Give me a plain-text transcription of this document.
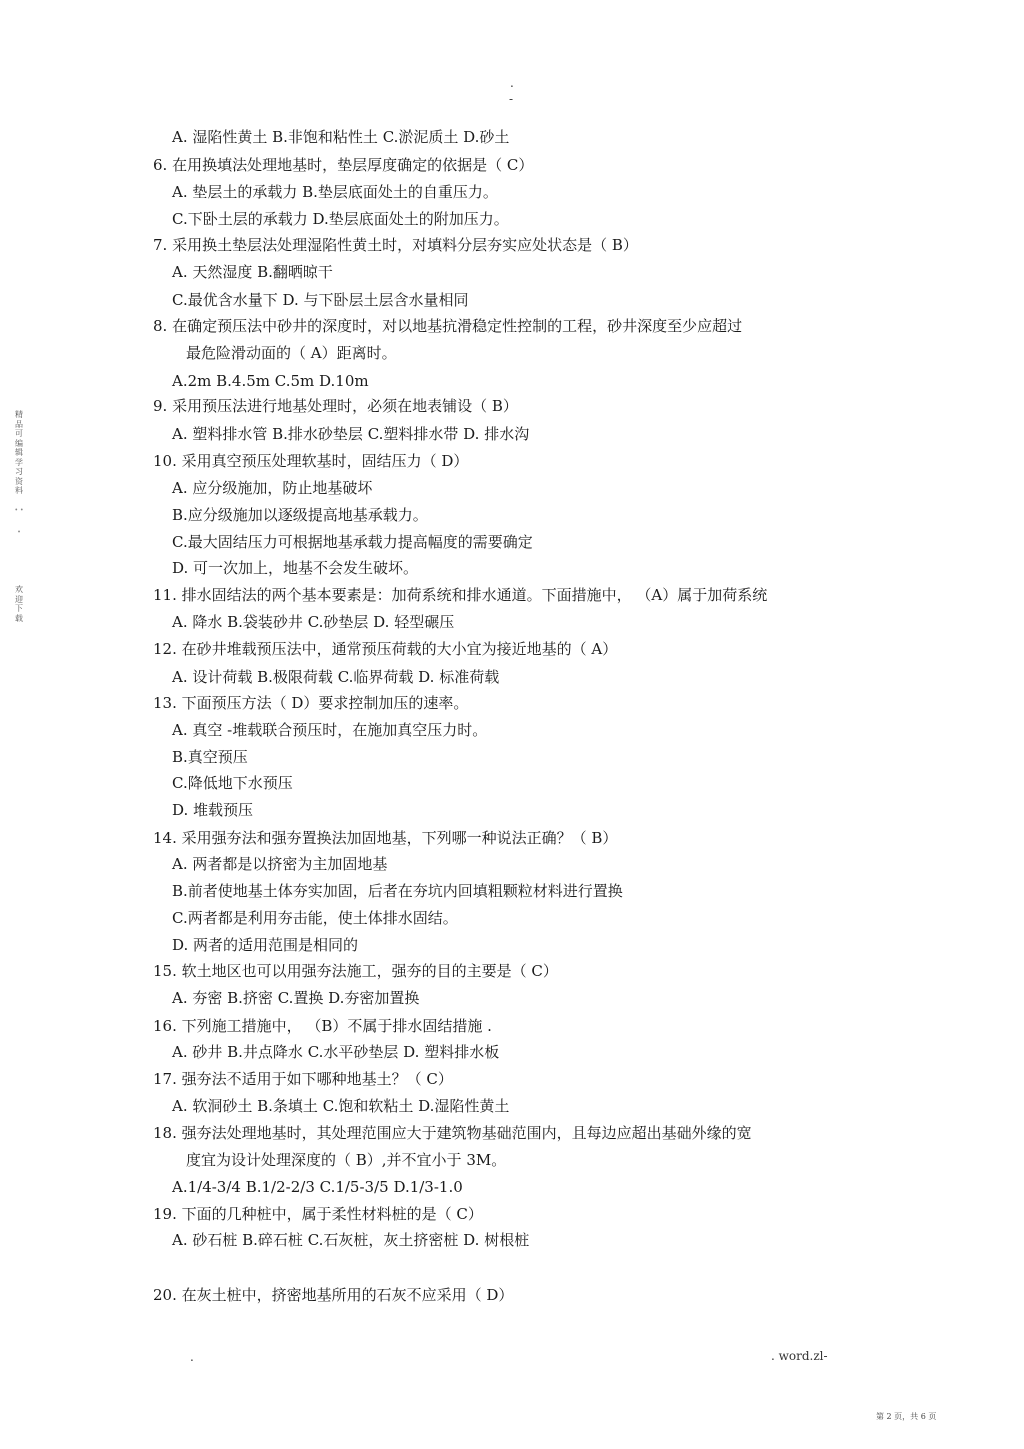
.
-
精品可编辑学习资料
• • •
欢迎下载
A. 湿陷性黄土 B.非饱和粘性土 C.淤泥质土 D.砂土
6. 在用换填法处理地基时，垫层厚度确定的依据是（ C）
A. 垫层土的承载力 B.垫层底面处土的自重压力。
C.下卧土层的承载力 D.垫层底面处土的附加压力。
7. 采用换土垫层法处理湿陷性黄土时，对填料分层夯实应处状态是（ B）
A. 天然湿度 B.翻晒晾干
C.最优含水量下 D. 与下卧层土层含水量相同
8. 在确定预压法中砂井的深度时，对以地基抗滑稳定性控制的工程，砂井深度至少应超过
最危险滑动面的（ A）距离时。
A.2m B.4.5m C.5m D.10m
9. 采用预压法进行地基处理时，必须在地表铺设（ B）
A. 塑料排水管 B.排水砂垫层 C.塑料排水带 D. 排水沟
10. 采用真空预压处理软基时，固结压力（ D）
A. 应分级施加，防止地基破坏
B.应分级施加以逐级提高地基承载力。
C.最大固结压力可根据地基承载力提高幅度的需要确定
D. 可一次加上，地基不会发生破坏。
11. 排水固结法的两个基本要素是：加荷系统和排水通道。下面措施中， （A）属于加荷系统
A. 降水 B.袋装砂井 C.砂垫层 D. 轻型碾压
12. 在砂井堆载预压法中，通常预压荷载的大小宜为接近地基的（ A）
A. 设计荷载 B.极限荷载 C.临界荷载 D. 标准荷载
13. 下面预压方法（ D）要求控制加压的速率。
A. 真空 -堆载联合预压时，在施加真空压力时。
B.真空预压
C.降低地下水预压
D. 堆载预压
14. 采用强夯法和强夯置换法加固地基，下列哪一种说法正确？（ B）
A. 两者都是以挤密为主加固地基
B.前者使地基土体夯实加固，后者在夯坑内回填粗颗粒材料进行置换
C.两者都是利用夯击能，使土体排水固结。
D. 两者的适用范围是相同的
15. 软土地区也可以用强夯法施工，强夯的目的主要是（ C）
A. 夯密 B.挤密 C.置换 D.夯密加置换
16. 下列施工措施中， （B）不属于排水固结措施 .
A. 砂井 B.井点降水 C.水平砂垫层 D. 塑料排水板
17. 强夯法不适用于如下哪种地基土？（ C）
A. 软洞砂土 B.条填土 C.饱和软粘土 D.湿陷性黄土
18. 强夯法处理地基时，其处理范围应大于建筑物基础范围内，且每边应超出基础外缘的宽
度宜为设计处理深度的（ B）,并不宜小于 3M。
A.1/4-3/4 B.1/2-2/3 C.1/5-3/5 D.1/3-1.0
19. 下面的几种桩中，属于柔性材料桩的是（ C）
A. 砂石桩 B.碎石桩 C.石灰桩，灰土挤密桩 D. 树根桩
20. 在灰土桩中，挤密地基所用的石灰不应采用（ D）
.	. word.zl-
第 2 页，共 6 页
